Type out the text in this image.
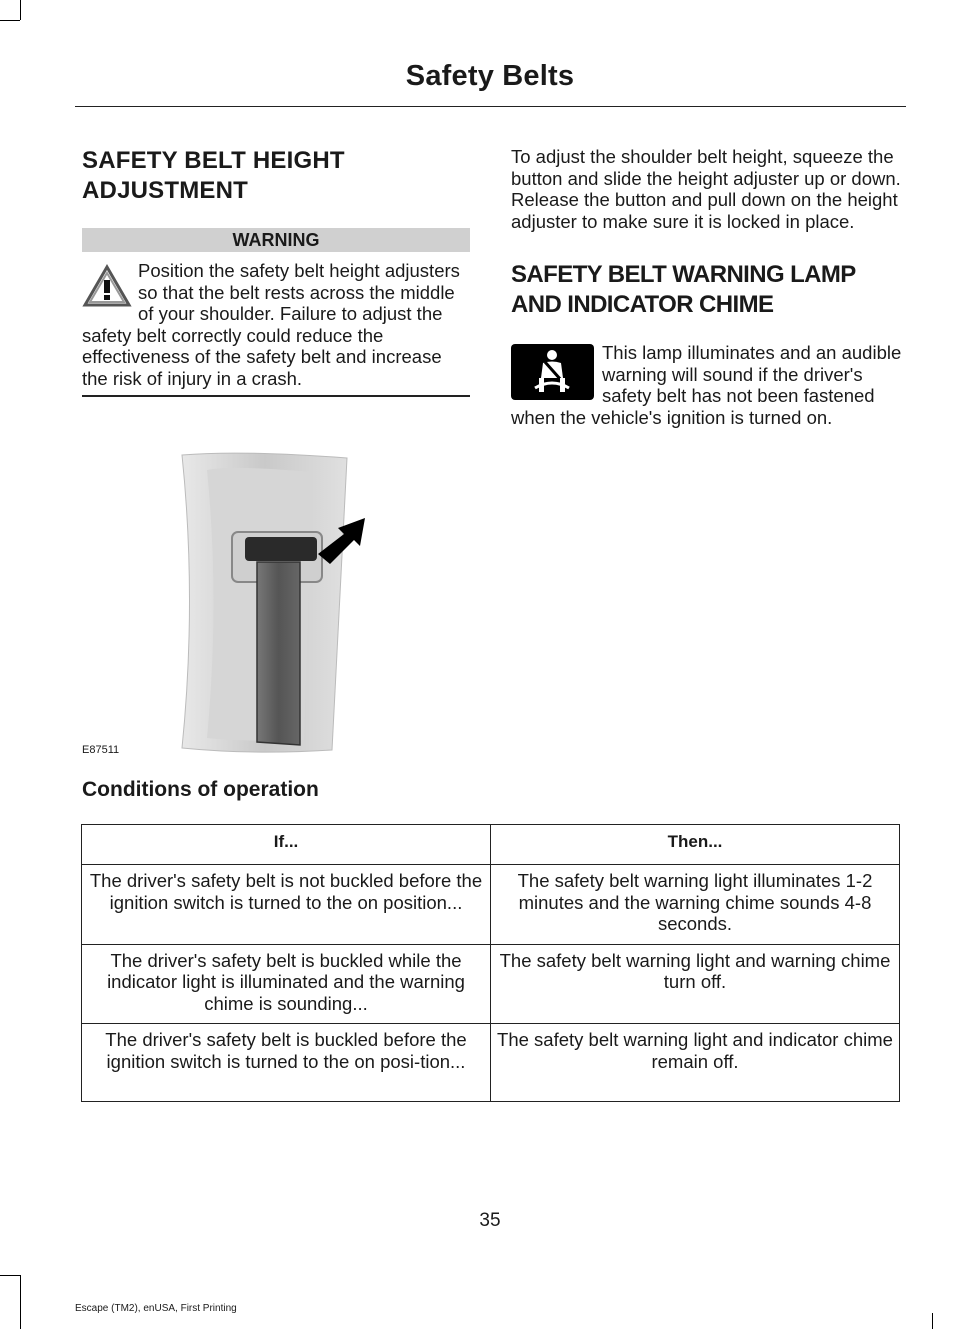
Safety Belts
SAFETY BELT HEIGHT ADJUSTMENT
WARNING

Position the safety belt height adjusters so that the belt rests across the middle of your shoulder. Failure to adjust the safety belt correctly could reduce the effectiveness of the safety belt and increase the risk of injury in a crash.

E87511

To adjust the shoulder belt height, squeeze the button and slide the height adjuster up or down. Release the button and pull down on the height adjuster to make sure it is locked in place.

SAFETY BELT WARNING LAMP AND INDICATOR CHIME

This lamp illuminates and an audible warning will sound if the driver's safety belt has not been fastened when the vehicle's ignition is turned on.

Conditions of operation
If...	Then...
The driver's safety belt is not buckled before the ignition switch is turned to the on position...	The safety belt warning light illuminates 1-2 minutes and the warning chime sounds 4-8 seconds.
The driver's safety belt is buckled while the indicator light is illuminated and the warning chime is sounding...	The safety belt warning light and warning chime turn off.
The driver's safety belt is buckled before the ignition switch is turned to the on posi-tion...	The safety belt warning light and indicator chime remain off.
35
Escape (TM2), enUSA, First Printing
